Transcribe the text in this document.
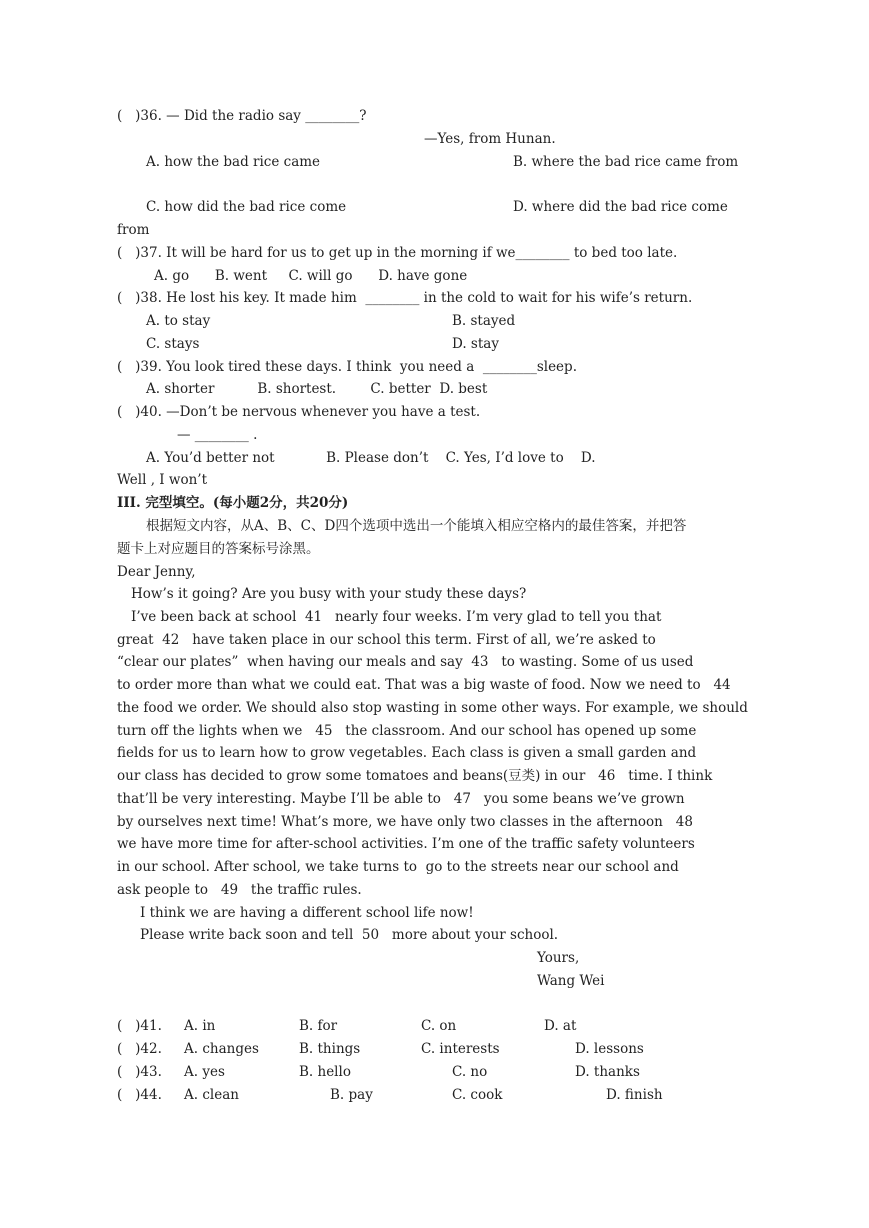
(   )36. — Did the radio say ________?
—Yes, from Hunan.
A. how the bad rice came	B. where the bad rice came from
C. how did the bad rice come	D. where did the bad rice come
from
(   )37. It will be hard for us to get up in the morning if we________ to bed too late.
A. go      B. went     C. will go      D. have gone
(   )38. He lost his key. It made him  ________ in the cold to wait for his wife’s return.
A. to stay	B. stayed
C. stays	D. stay
(   )39. You look tired these days. I think  you need a  ________sleep.
A. shorter          B. shortest.        C. better  D. best
(   )40. —Don’t be nervous whenever you have a test.
— ________ .
A. You’d better not            B. Please don’t    C. Yes, I’d love to    D.
Well , I won’t
III. 完型填空。(每小题2分，共20分)
根据短文内容，从A、B、C、D四个选项中选出一个能填入相应空格内的最佳答案，并把答
题卡上对应题目的答案标号涂黑。
Dear Jenny,
How’s it going? Are you busy with your study these days?
I’ve been back at school  41   nearly four weeks. I’m very glad to tell you that
great  42   have taken place in our school this term. First of all, we’re asked to
“clear our plates”  when having our meals and say  43   to wasting. Some of us used
to order more than what we could eat. That was a big waste of food. Now we need to   44
the food we order. We should also stop wasting in some other ways. For example, we should
turn off the lights when we   45   the classroom. And our school has opened up some
fields for us to learn how to grow vegetables. Each class is given a small garden and
our class has decided to grow some tomatoes and beans(豆类) in our   46   time. I think
that’ll be very interesting. Maybe I’ll be able to   47   you some beans we’ve grown
by ourselves next time! What’s more, we have only two classes in the afternoon   48
we have more time for after-school activities. I’m one of the traffic safety volunteers
in our school. After school, we take turns to  go to the streets near our school and
ask people to   49   the traffic rules.
I think we are having a different school life now!
Please write back soon and tell  50   more about your school.
Yours,
Wang Wei
(   )41. A. in	B. for	C. on	D. at
(   )42. A. changes	B. things	C. interests	D. lessons
(   )43. A. yes	B. hello	C. no	D. thanks
(   )44. A. clean	B. pay	C. cook	D. finish
